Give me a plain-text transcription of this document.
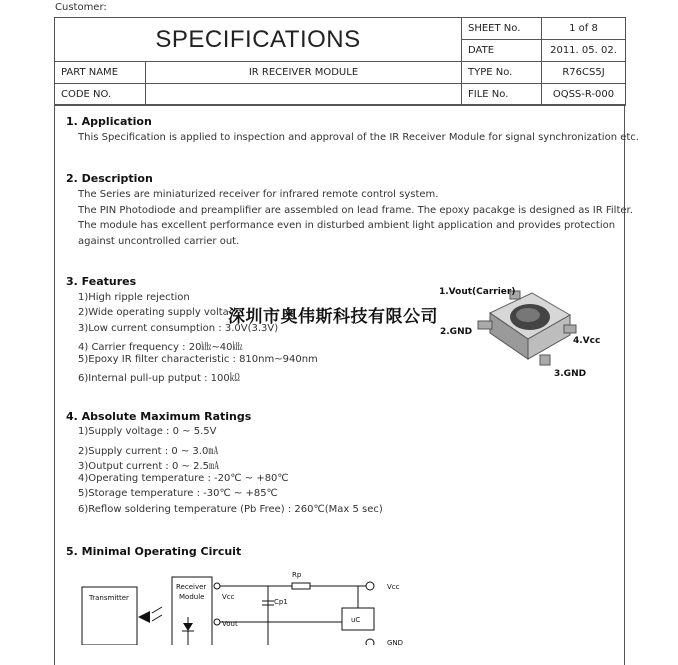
Customer:
SPECIFICATIONS		SHEET No.	1 of 8
		DATE	2011. 05. 02.
PART NAME	IR RECEIVER MODULE	TYPE No.	R76CS5J
CODE NO.		FILE No.	OQSS-R-000
1. Application
This Specification is applied to inspection and approval of the IR Receiver Module for signal synchronization etc.
2. Description
The Series are miniaturized receiver for infrared remote control system.
The PIN Photodiode and preamplifier are assembled on lead frame. The epoxy pacakge is designed as IR Filter.
The module has excellent performance even in disturbed ambient light application and provides protection
against uncontrolled carrier out.
3. Features
1)High ripple rejection
2)Wide operating supply voltage
3)Low current consumption : 3.0V(3.3V)
4) Carrier frequency : 20㎑~40㎑
5)Epoxy IR filter characteristic : 810nm~940nm
6)Internal pull-up putput : 100㏀
1.Vout(Carrier)
2.GND
4.Vcc
3.GND
深圳市奥伟斯科技有限公司
4. Absolute Maximum Ratings
1)Supply voltage : 0 ~ 5.5V
2)Supply current : 0 ~ 3.0㎃
3)Output current : 0 ~ 2.5㎃
4)Operating temperature : -20℃ ~ +80℃
5)Storage temperature : -30℃ ~ +85℃
6)Reflow soldering temperature (Pb Free) : 260℃(Max 5 sec)
5. Minimal Operating Circuit
Transmitter
Receiver
Module	Vcc
Vout
Cp1
Rp
Vcc
uC
GND
